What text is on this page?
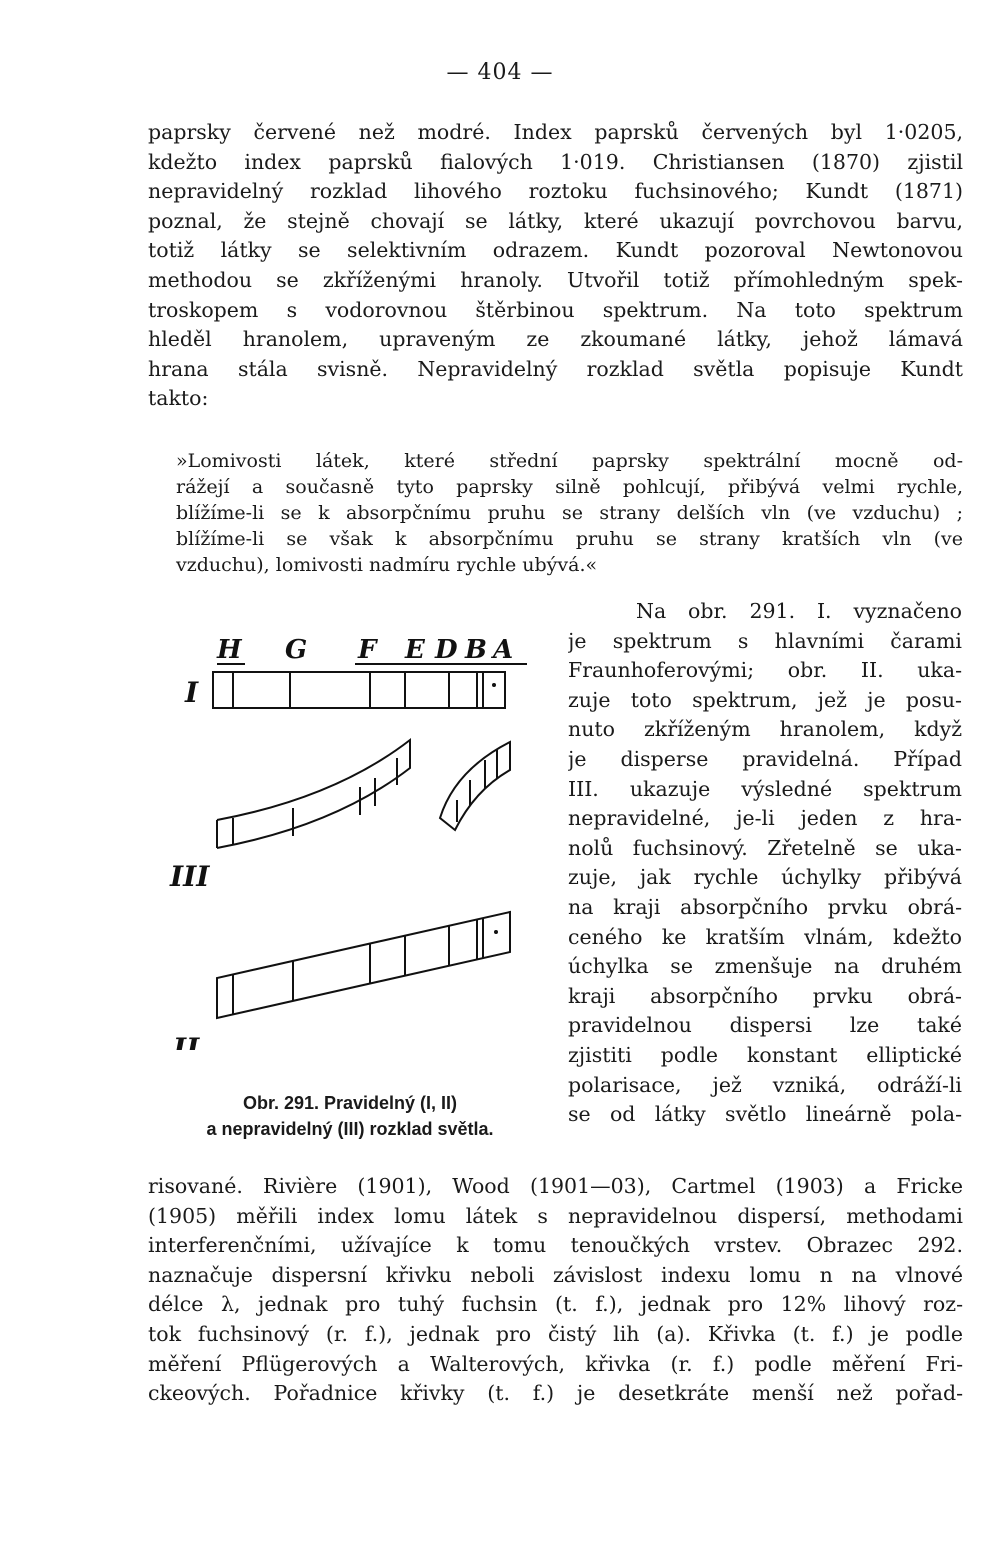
— 404 —
paprsky červené než modré. Index paprsků červených byl 1·0205,
kdežto index paprsků fialových 1·019. Christiansen (1870) zjistil
nepravidelný rozklad lihového roztoku fuchsinového; Kundt (1871)
poznal, že stejně chovají se látky, které ukazují povrchovou barvu,
totiž látky se selektivním odrazem. Kundt pozoroval Newtonovou
methodou se zkříženými hranoly. Utvořil totiž přímohledným spek-
troskopem s vodorovnou štěrbinou spektrum. Na toto spektrum
hleděl hranolem, upraveným ze zkoumané látky, jehož lámavá
hrana stála svisně. Nepravidelný rozklad světla popisuje Kundt
takto:
»Lomivosti látek, které střední paprsky spektrální mocně od-
rážejí a současně tyto paprsky silně pohlcují, přibývá velmi rychle,
blížíme-li se k absorpčnímu pruhu se strany delších vln (ve vzduchu) ;
blížíme-li se však k absorpčnímu pruhu se strany kratších vln (ve
vzduchu), lomivosti nadmíru rychle ubývá.«
Na obr. 291. I. vyznačeno
je spektrum s hlavními čarami
Fraunhoferovými; obr. II. uka-
zuje toto spektrum, jež je posu-
nuto zkříženým hranolem, když
je disperse pravidelná. Případ
III. ukazuje výsledné spektrum
nepravidelné, je-li jeden z hra-
nolů fuchsinový. Zřetelně se uka-
zuje, jak rychle úchylky přibývá
na kraji absorpčního prvku obrá-
ceného ke kratším vlnám, kdežto
úchylka se zmenšuje na druhém
kraji absorpčního prvku obrá-
pravidelnou dispersi lze také
zjistiti podle konstant elliptické
polarisace, jež vzniká, odráží-li
se od látky světlo lineárně pola-
H G F E D B A
I
III
II
Obr. 291. Pravidelný (I, II)
a nepravidelný (III) rozklad světla.
risované. Rivière (1901), Wood (1901—03), Cartmel (1903) a Fricke
(1905) měřili index lomu látek s nepravidelnou dispersí, methodami
interferenčními, užívajíce k tomu tenoučkých vrstev. Obrazec 292.
naznačuje dispersní křivku neboli závislost indexu lomu n na vlnové
délce λ, jednak pro tuhý fuchsin (t. f.), jednak pro 12% lihový roz-
tok fuchsinový (r. f.), jednak pro čistý lih (a). Křivka (t. f.) je podle
měření Pflügerových a Walterových, křivka (r. f.) podle měření Fri-
ckeových. Pořadnice křivky (t. f.) je desetkráte menší než pořad-
